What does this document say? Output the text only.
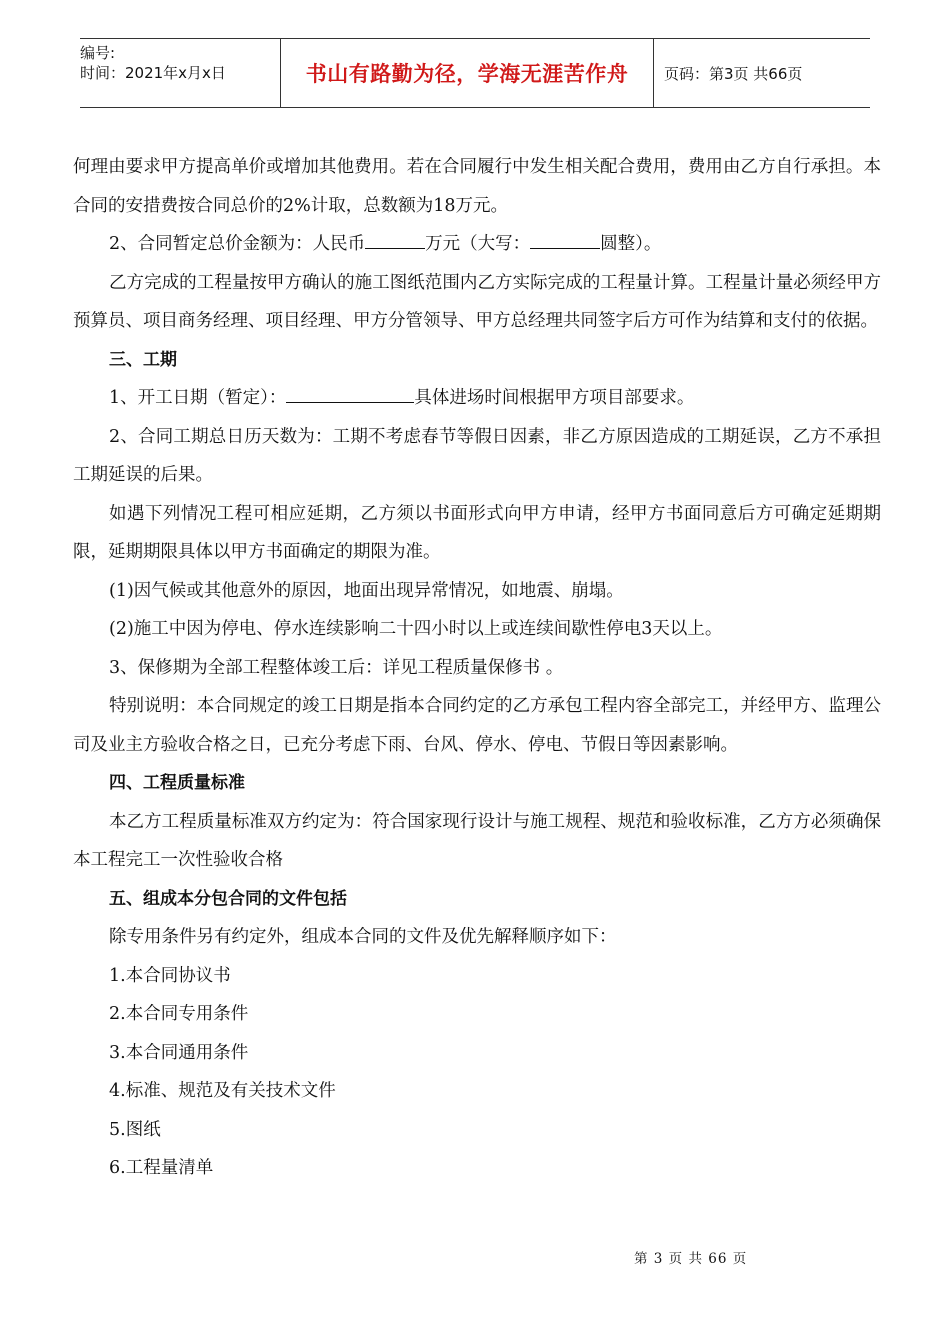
编号:
时间：2021年x月x日	书山有路勤为径，学海无涯苦作舟	页码：第3页 共66页

何理由要求甲方提高单价或增加其他费用。若在合同履行中发生相关配合费用，费用由乙方自行承担。本合同的安措费按合同总价的2%计取，总数额为18万元。

2、合同暂定总价金额为：人民币	万元（大写：	圆整）。

乙方完成的工程量按甲方确认的施工图纸范围内乙方实际完成的工程量计算。工程量计量必须经甲方预算员、项目商务经理、项目经理、甲方分管领导、甲方总经理共同签字后方可作为结算和支付的依据。

三、工期

1、开工日期（暂定）：	具体进场时间根据甲方项目部要求。

2、合同工期总日历天数为：工期不考虑春节等假日因素，非乙方原因造成的工期延误，乙方不承担工期延误的后果。

如遇下列情况工程可相应延期，乙方须以书面形式向甲方申请，经甲方书面同意后方可确定延期期限，延期期限具体以甲方书面确定的期限为准。

(1)因气候或其他意外的原因，地面出现异常情况，如地震、崩塌。

(2)施工中因为停电、停水连续影响二十四小时以上或连续间歇性停电3天以上。

3、保修期为全部工程整体竣工后：详见工程质量保修书 。

特别说明：本合同规定的竣工日期是指本合同约定的乙方承包工程内容全部完工，并经甲方、监理公司及业主方验收合格之日，已充分考虑下雨、台风、停水、停电、节假日等因素影响。

四、工程质量标准

本乙方工程质量标准双方约定为：符合国家现行设计与施工规程、规范和验收标准，乙方方必须确保本工程完工一次性验收合格

五、组成本分包合同的文件包括

除专用条件另有约定外，组成本合同的文件及优先解释顺序如下：

1.本合同协议书

2.本合同专用条件

3.本合同通用条件

4.标准、规范及有关技术文件

5.图纸

6.工程量清单

第 3 页 共 66 页
